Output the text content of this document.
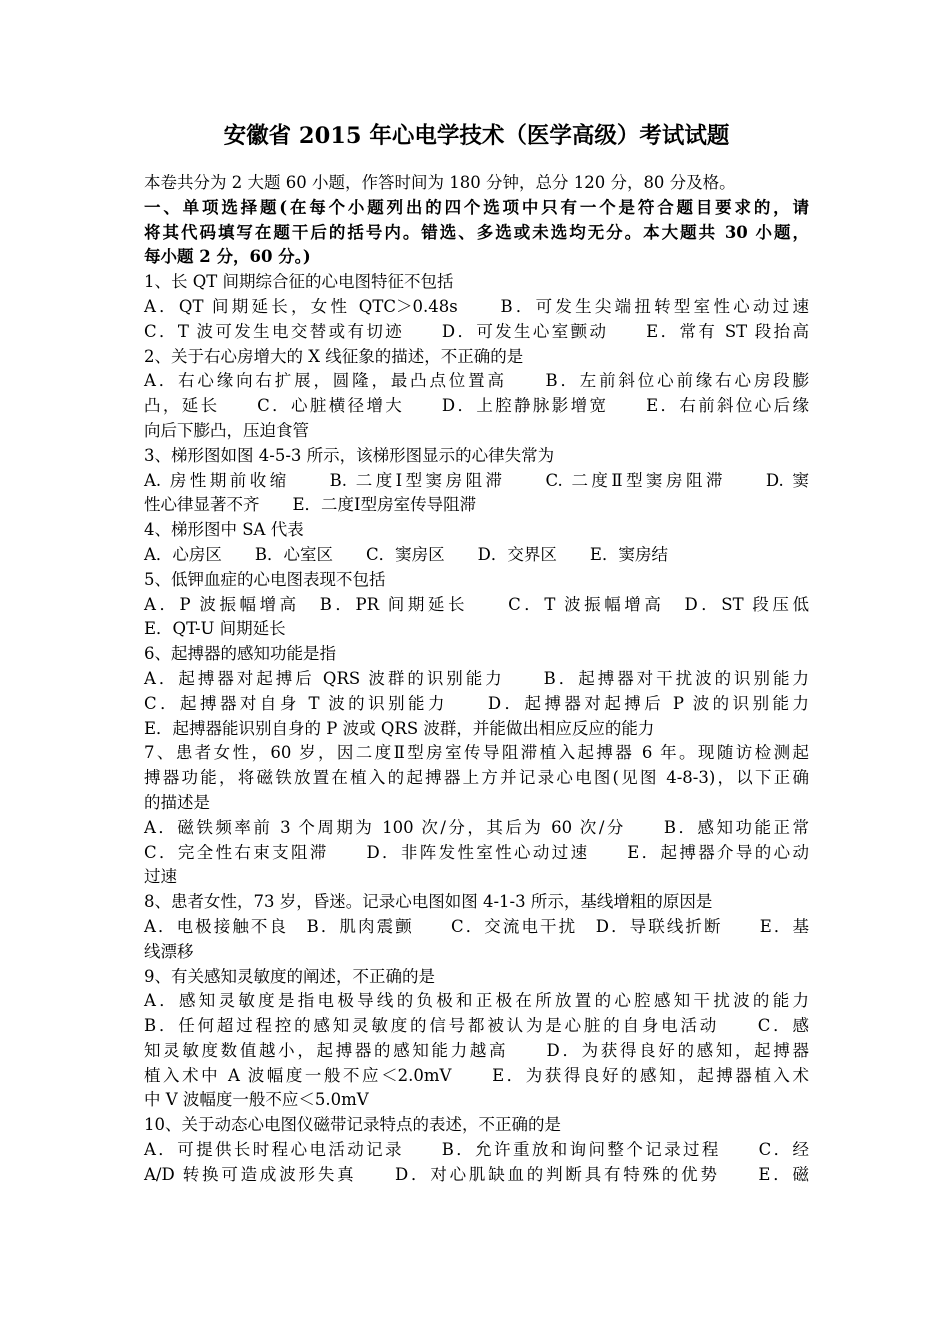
安徽省 2015 年心电学技术（医学高级）考试试题
本卷共分为 2 大题 60 小题，作答时间为 180 分钟，总分 120 分，80 分及格。
一、单项选择题(在每个小题列出的四个选项中只有一个是符合题目要求的，请
将其代码填写在题干后的括号内。错选、多选或未选均无分。本大题共 30 小题，
每小题 2 分，60 分。)
1、长 QT 间期综合征的心电图特征不包括
A．QT 间期延长，女性 QTC＞0.48s　　B．可发生尖端扭转型室性心动过速
C．T 波可发生电交替或有切迹　　D．可发生心室颤动　　E．常有 ST 段抬高
2、关于右心房增大的 X 线征象的描述，不正确的是
A．右心缘向右扩展，圆隆，最凸点位置高　　B．左前斜位心前缘右心房段膨
凸，延长　　C．心脏横径增大　　D．上腔静脉影增宽　　E．右前斜位心后缘
向后下膨凸，压迫食管
3、梯形图如图 4-5-3 所示，该梯形图显示的心律失常为
A. 房性期前收缩　　B. 二度Ⅰ型窦房阻滞　　C. 二度Ⅱ型窦房阻滞　　D. 窦
性心律显著不齐　　E．二度Ⅰ型房室传导阻滞
4、梯形图中 SA 代表
A．心房区　　B．心室区　　C．窦房区　　D．交界区　　E．窦房结
5、低钾血症的心电图表现不包括
A．P 波振幅增高　B．PR 间期延长　　C．T 波振幅增高　D．ST 段压低
E．QT-U 间期延长
6、起搏器的感知功能是指
A．起搏器对起搏后 QRS 波群的识别能力　　B．起搏器对干扰波的识别能力
C．起搏器对自身 T 波的识别能力　　D．起搏器对起搏后 P 波的识别能力
E．起搏器能识别自身的 P 波或 QRS 波群，并能做出相应反应的能力
7、患者女性，60 岁，因二度Ⅱ型房室传导阻滞植入起搏器 6 年。现随访检测起
搏器功能，将磁铁放置在植入的起搏器上方并记录心电图(见图 4-8-3)，以下正确
的描述是
A．磁铁频率前 3 个周期为 100 次/分，其后为 60 次/分　　B．感知功能正常
C．完全性右束支阻滞　　D．非阵发性室性心动过速　　E．起搏器介导的心动
过速
8、患者女性，73 岁，昏迷。记录心电图如图 4-1-3 所示，基线增粗的原因是
A．电极接触不良　B．肌肉震颤　　C．交流电干扰　D．导联线折断　　E．基
线漂移
9、有关感知灵敏度的阐述，不正确的是
A．感知灵敏度是指电极导线的负极和正极在所放置的心腔感知干扰波的能力
B．任何超过程控的感知灵敏度的信号都被认为是心脏的自身电活动　　C．感
知灵敏度数值越小，起搏器的感知能力越高　　D．为获得良好的感知，起搏器
植入术中 A 波幅度一般不应＜2.0mV　　E．为获得良好的感知，起搏器植入术
中 V 波幅度一般不应＜5.0mV
10、关于动态心电图仪磁带记录特点的表述，不正确的是
A．可提供长时程心电活动记录　　B．允许重放和询问整个记录过程　　C．经
A/D 转换可造成波形失真　　D．对心肌缺血的判断具有特殊的优势　　E．磁
